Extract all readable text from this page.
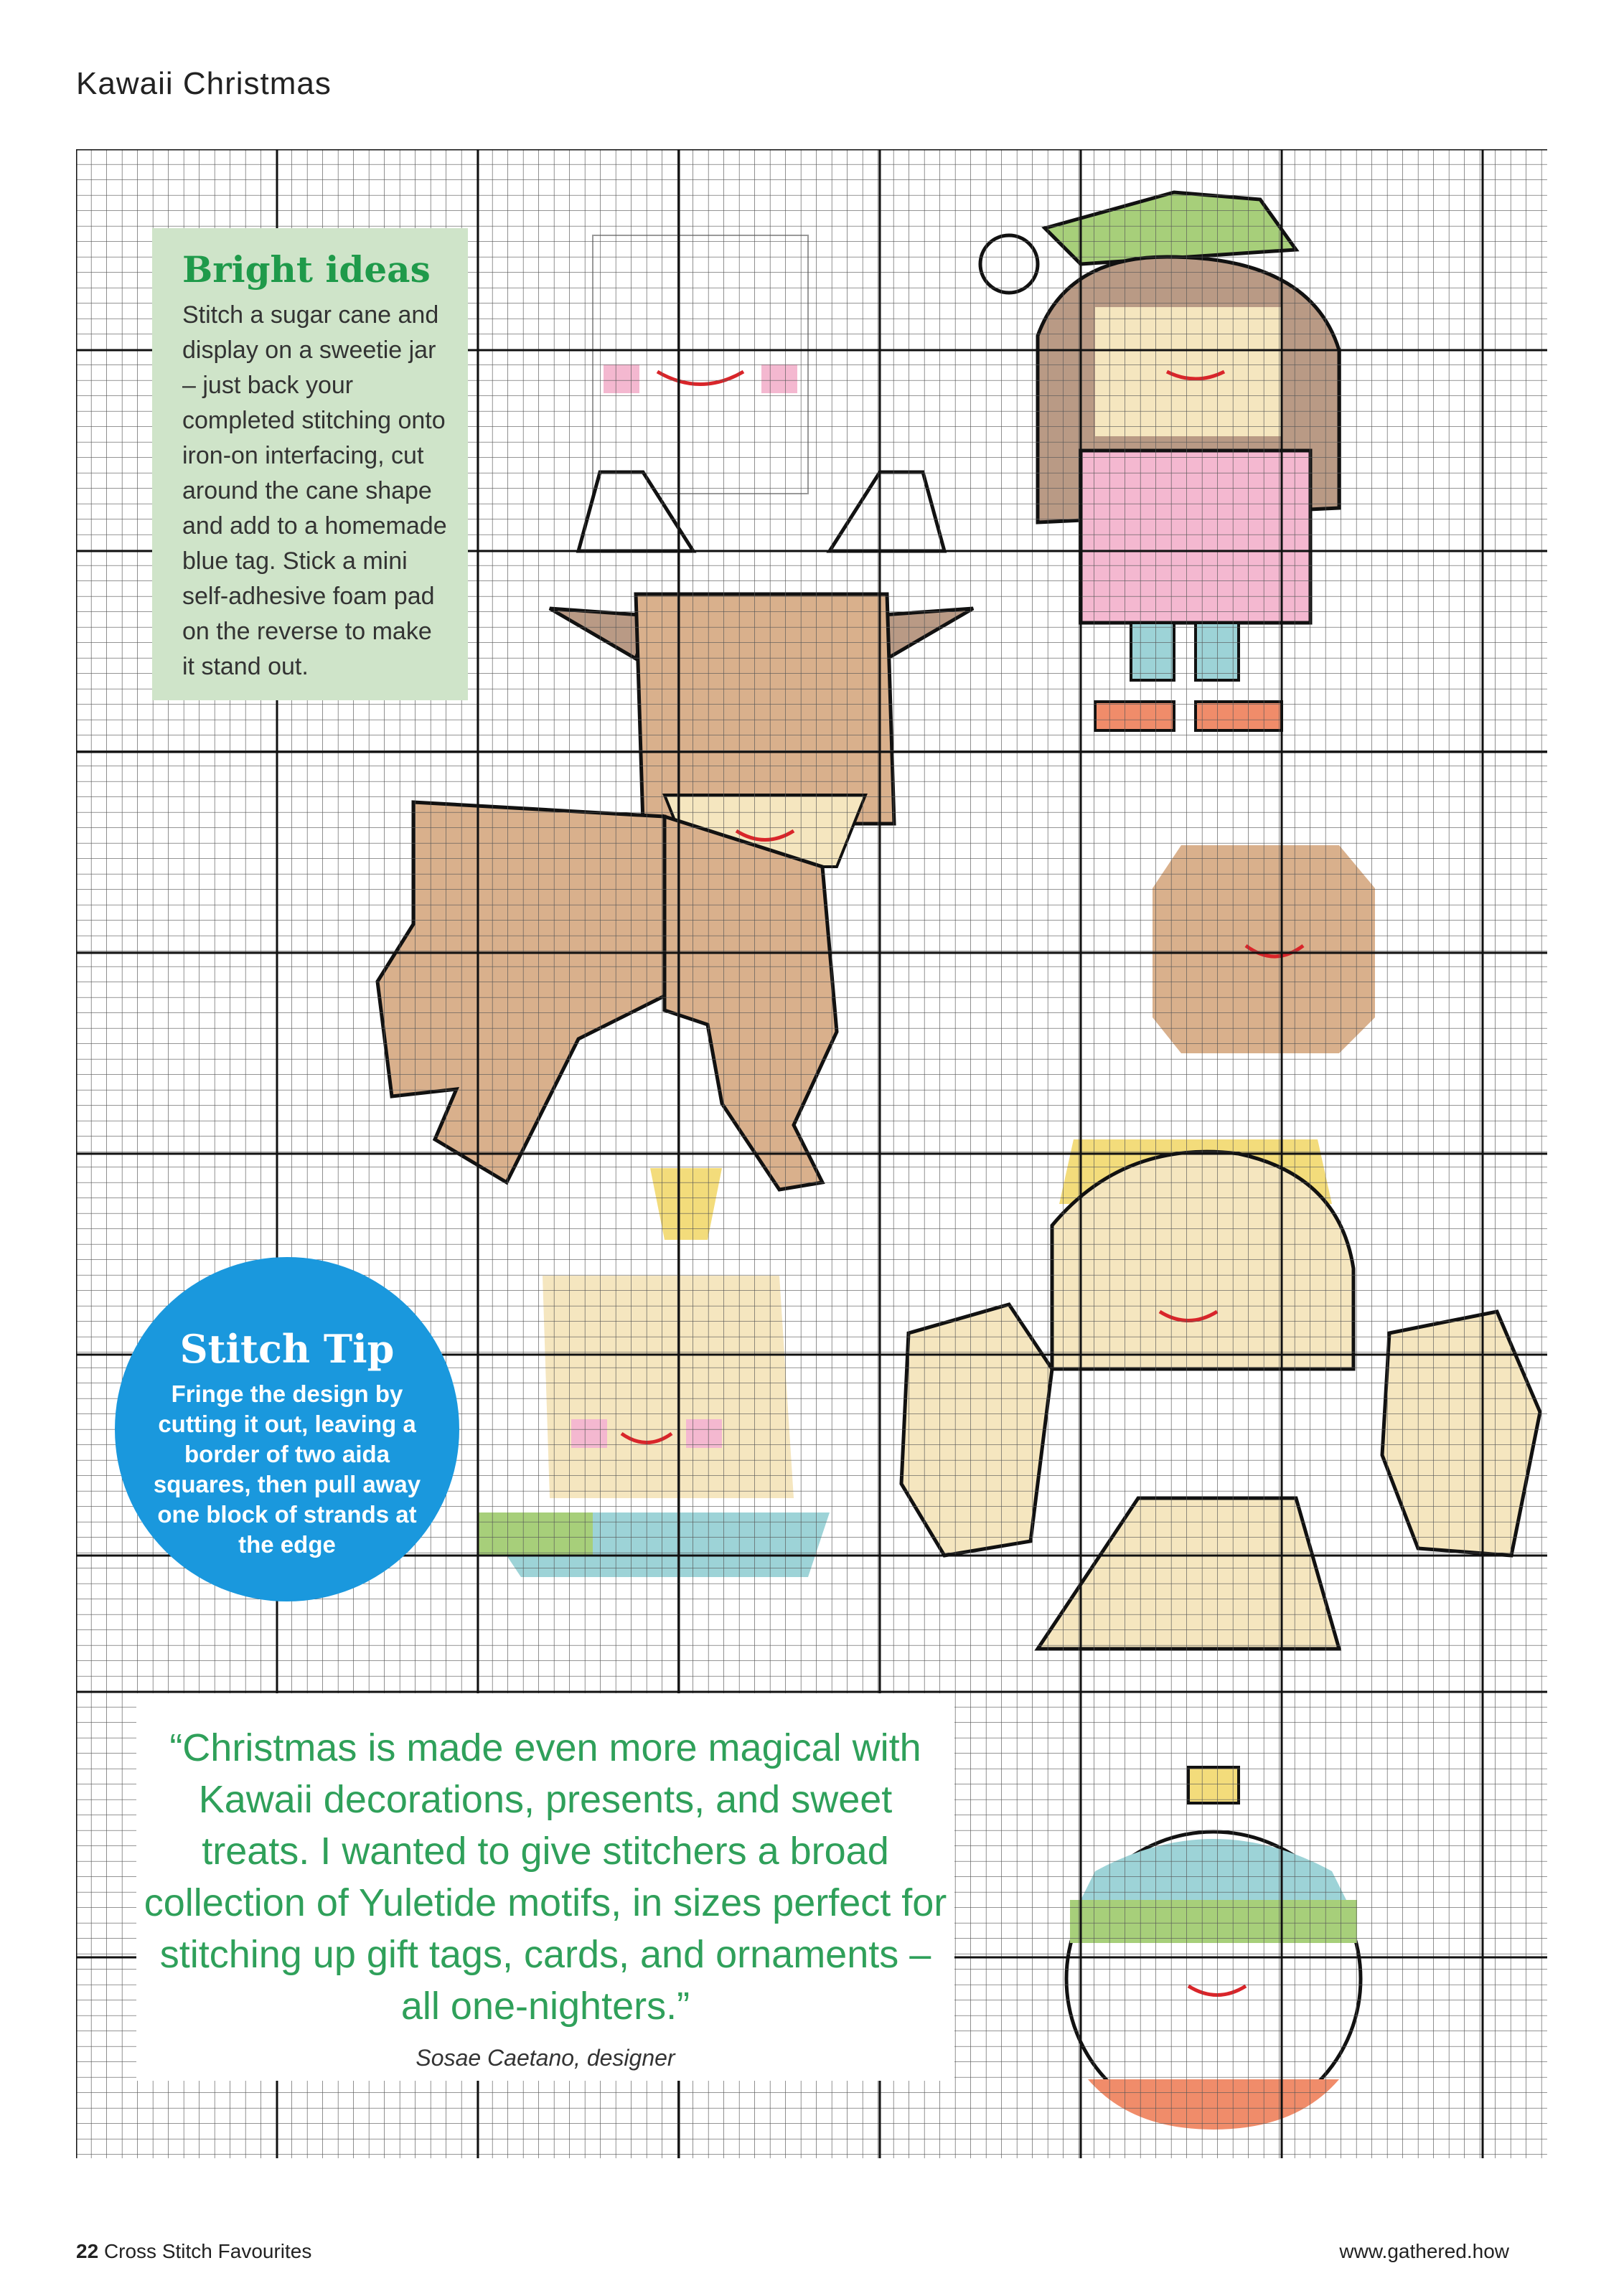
Kawaii Christmas
Bright ideas

Stitch a sugar cane and display on a sweetie jar – just back your completed stitching onto iron-on interfacing, cut around the cane shape and add to a homemade blue tag. Stick a mini self-adhesive foam pad on the reverse to make it stand out.

Stitch Tip

Fringe the design by cutting it out, leaving a border of two aida squares, then pull away one block of strands at the edge

“Christmas is made even more magical with Kawaii decorations, presents, and sweet treats. I wanted to give stitchers a broad collection of Yuletide motifs, in sizes perfect for stitching up gift tags, cards, and ornaments – all one-nighters.”

Sosae Caetano, designer
22 Cross Stitch Favourites	www.gathered.how
